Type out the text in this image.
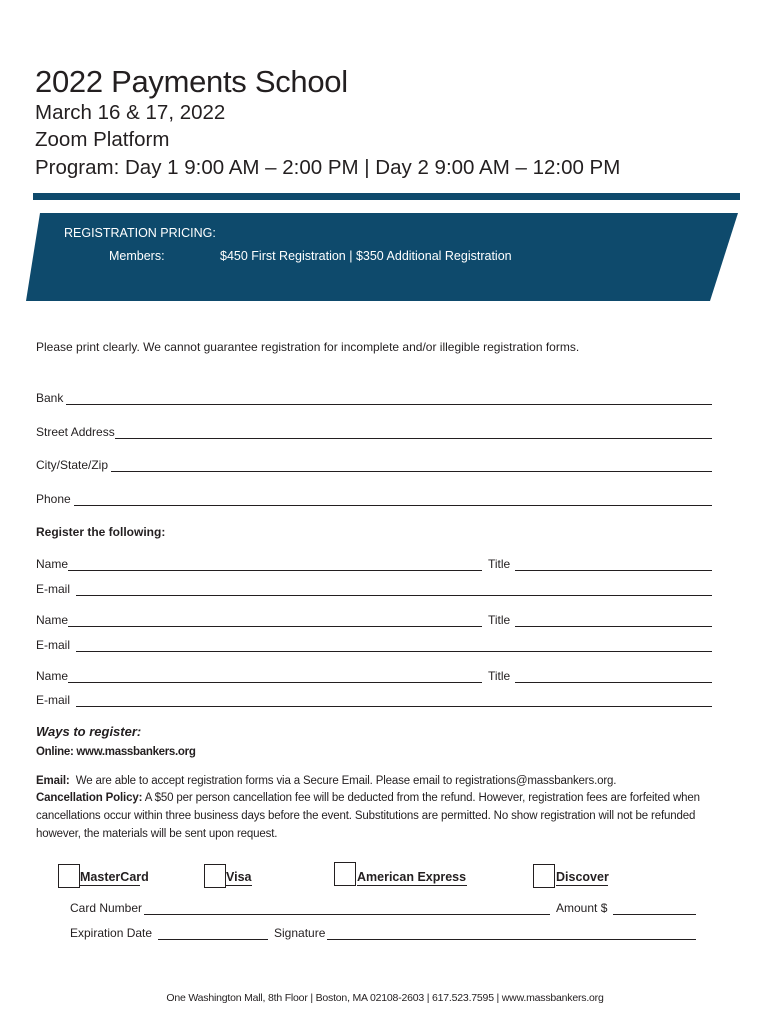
2022 Payments School
March 16 & 17, 2022
Zoom Platform
Program: Day 1 9:00 AM – 2:00 PM | Day 2 9:00 AM – 12:00 PM
REGISTRATION PRICING:
Members:	$450 First Registration | $350 Additional Registration
Please print clearly. We cannot guarantee registration for incomplete and/or illegible registration forms.
Bank
Street Address
City/State/Zip
Phone
Register the following:
Name	Title
E-mail
Name	Title
E-mail
Name	Title
E-mail
Ways to register:
Online: www.massbankers.org
Email: We are able to accept registration forms via a Secure Email. Please email to registrations@massbankers.org.
Cancellation Policy: A $50 per person cancellation fee will be deducted from the refund. However, registration fees are forfeited when cancellations occur within three business days before the event. Substitutions are permitted. No show registration will not be refunded however, the materials will be sent upon request.
MasterCard	Visa	American Express	Discover
Card Number	Amount $
Expiration Date	Signature
One Washington Mall, 8th Floor | Boston, MA 02108-2603 | 617.523.7595 | www.massbankers.org
